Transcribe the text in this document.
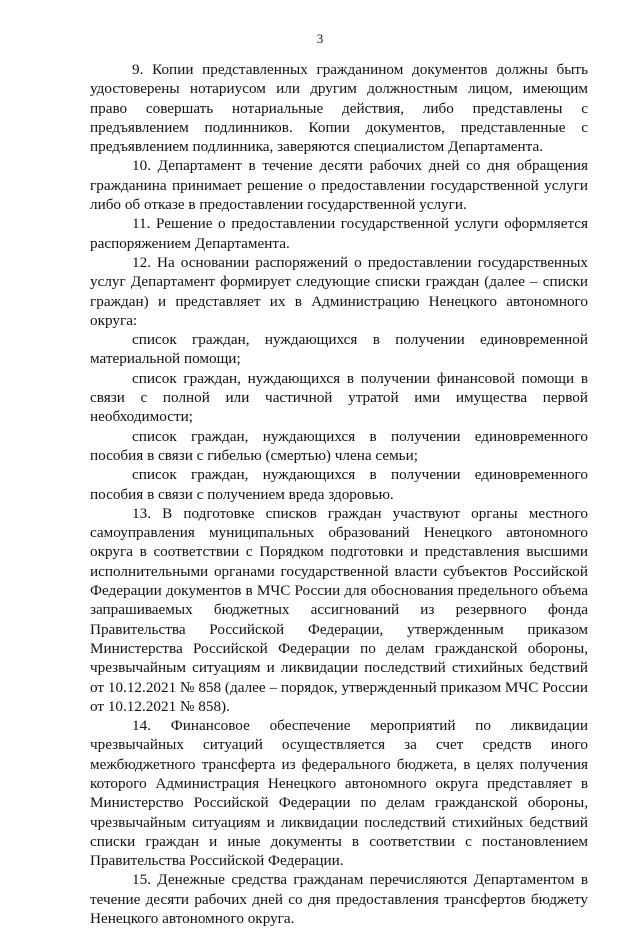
3

9. Копии представленных гражданином документов должны быть удостоверены нотариусом или другим должностным лицом, имеющим право совершать нотариальные действия, либо представлены с предъявлением подлинников. Копии документов, представленные с предъявлением подлинника, заверяются специалистом Департамента.

10. Департамент в течение десяти рабочих дней со дня обращения гражданина принимает решение о предоставлении государственной услуги либо об отказе в предоставлении государственной услуги.

11. Решение о предоставлении государственной услуги оформляется распоряжением Департамента.

12. На основании распоряжений о предоставлении государственных услуг Департамент формирует следующие списки граждан (далее – списки граждан) и представляет их в Администрацию Ненецкого автономного округа:

список граждан, нуждающихся в получении единовременной материальной помощи;

список граждан, нуждающихся в получении финансовой помощи в связи с полной или частичной утратой ими имущества первой необходимости;

список граждан, нуждающихся в получении единовременного пособия в связи с гибелью (смертью) члена семьи;

список граждан, нуждающихся в получении единовременного пособия в связи с получением вреда здоровью.

13. В подготовке списков граждан участвуют органы местного самоуправления муниципальных образований Ненецкого автономного округа в соответствии с Порядком подготовки и представления высшими исполнительными органами государственной власти субъектов Российской Федерации документов в МЧС России для обоснования предельного объема запрашиваемых бюджетных ассигнований из резервного фонда Правительства Российской Федерации, утвержденным приказом Министерства Российской Федерации по делам гражданской обороны, чрезвычайным ситуациям и ликвидации последствий стихийных бедствий от 10.12.2021 № 858 (далее – порядок, утвержденный приказом МЧС России от 10.12.2021 № 858).

14. Финансовое обеспечение мероприятий по ликвидации чрезвычайных ситуаций осуществляется за счет средств иного межбюджетного трансферта из федерального бюджета, в целях получения которого Администрация Ненецкого автономного округа представляет в Министерство Российской Федерации по делам гражданской обороны, чрезвычайным ситуациям и ликвидации последствий стихийных бедствий списки граждан и иные документы в соответствии с постановлением Правительства Российской Федерации.

15. Денежные средства гражданам перечисляются Департаментом в течение десяти рабочих дней со дня предоставления трансфертов бюджету Ненецкого автономного округа.
